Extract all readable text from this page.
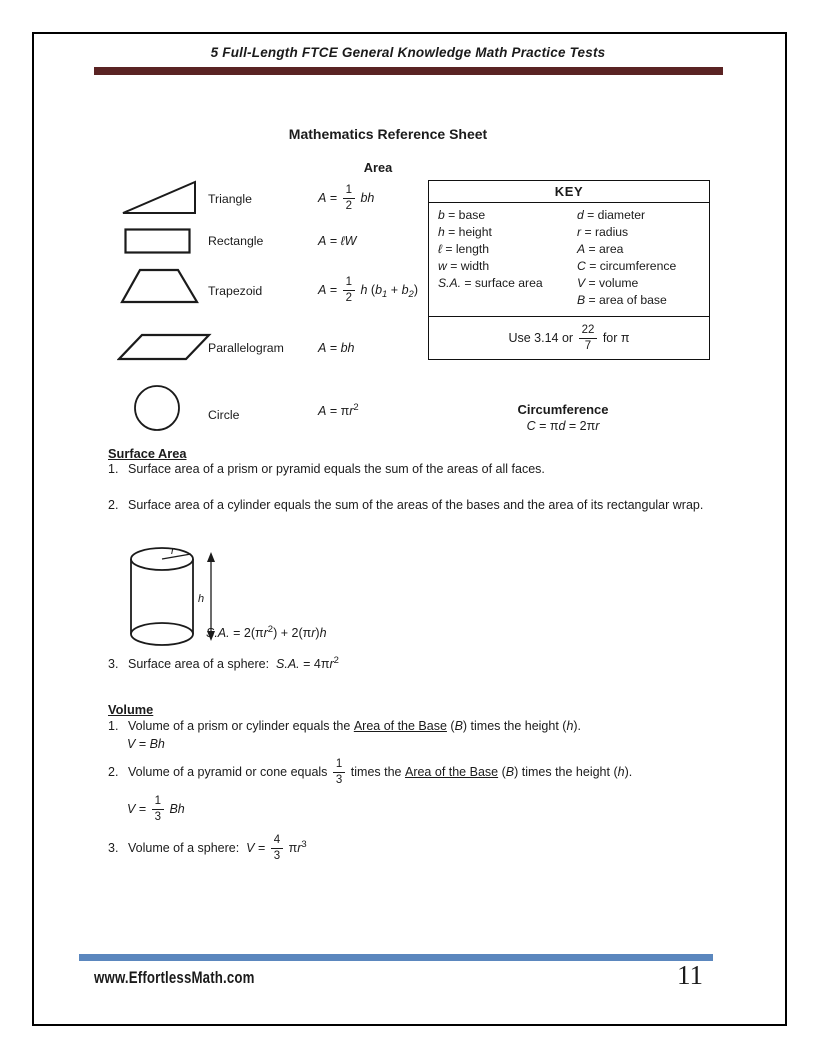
5 Full-Length FTCE General Knowledge Math Practice Tests
Mathematics Reference Sheet
Area
Triangle
Rectangle
Trapezoid
Parallelogram
Circle
$A = \frac{1}{2}$ bh
A = ℓW
$A = \frac{1}{2}$ h ( b 1 + b 2 )
A = bh
A = π r 2
KEY
b = base
h = height
ℓ = length
w = width
S.A. = surface area
d = diameter
r = radius
A = area
C = circumference
V = volume
B = area of base
Use 3.14 or $\frac{22}{7}$ for π
Circumference
C = π d = 2π r
Surface Area
1. Surface area of a prism or pyramid equals the sum of the areas of all faces.
2. Surface area of a cylinder equals the sum of the areas of the bases and the area of its rectangular wrap.
r
h
S.A. = 2(π r 2 ) + 2(π r ) h
3. Surface area of a sphere: S.A. = 4π r 2
Volume
1. Volume of a prism or cylinder equals the Area of the Base ( B ) times the height ( h ).
V = Bh
2. Volume of a pyramid or cone equals $\frac{1}{3}$ times the Area of the Base ( B ) times the height ( h ).
$V = \frac{1}{3}$ Bh
3. Volume of a sphere: $V = \frac{4}{3}$ π r 3
www.EffortlessMath.com	11
